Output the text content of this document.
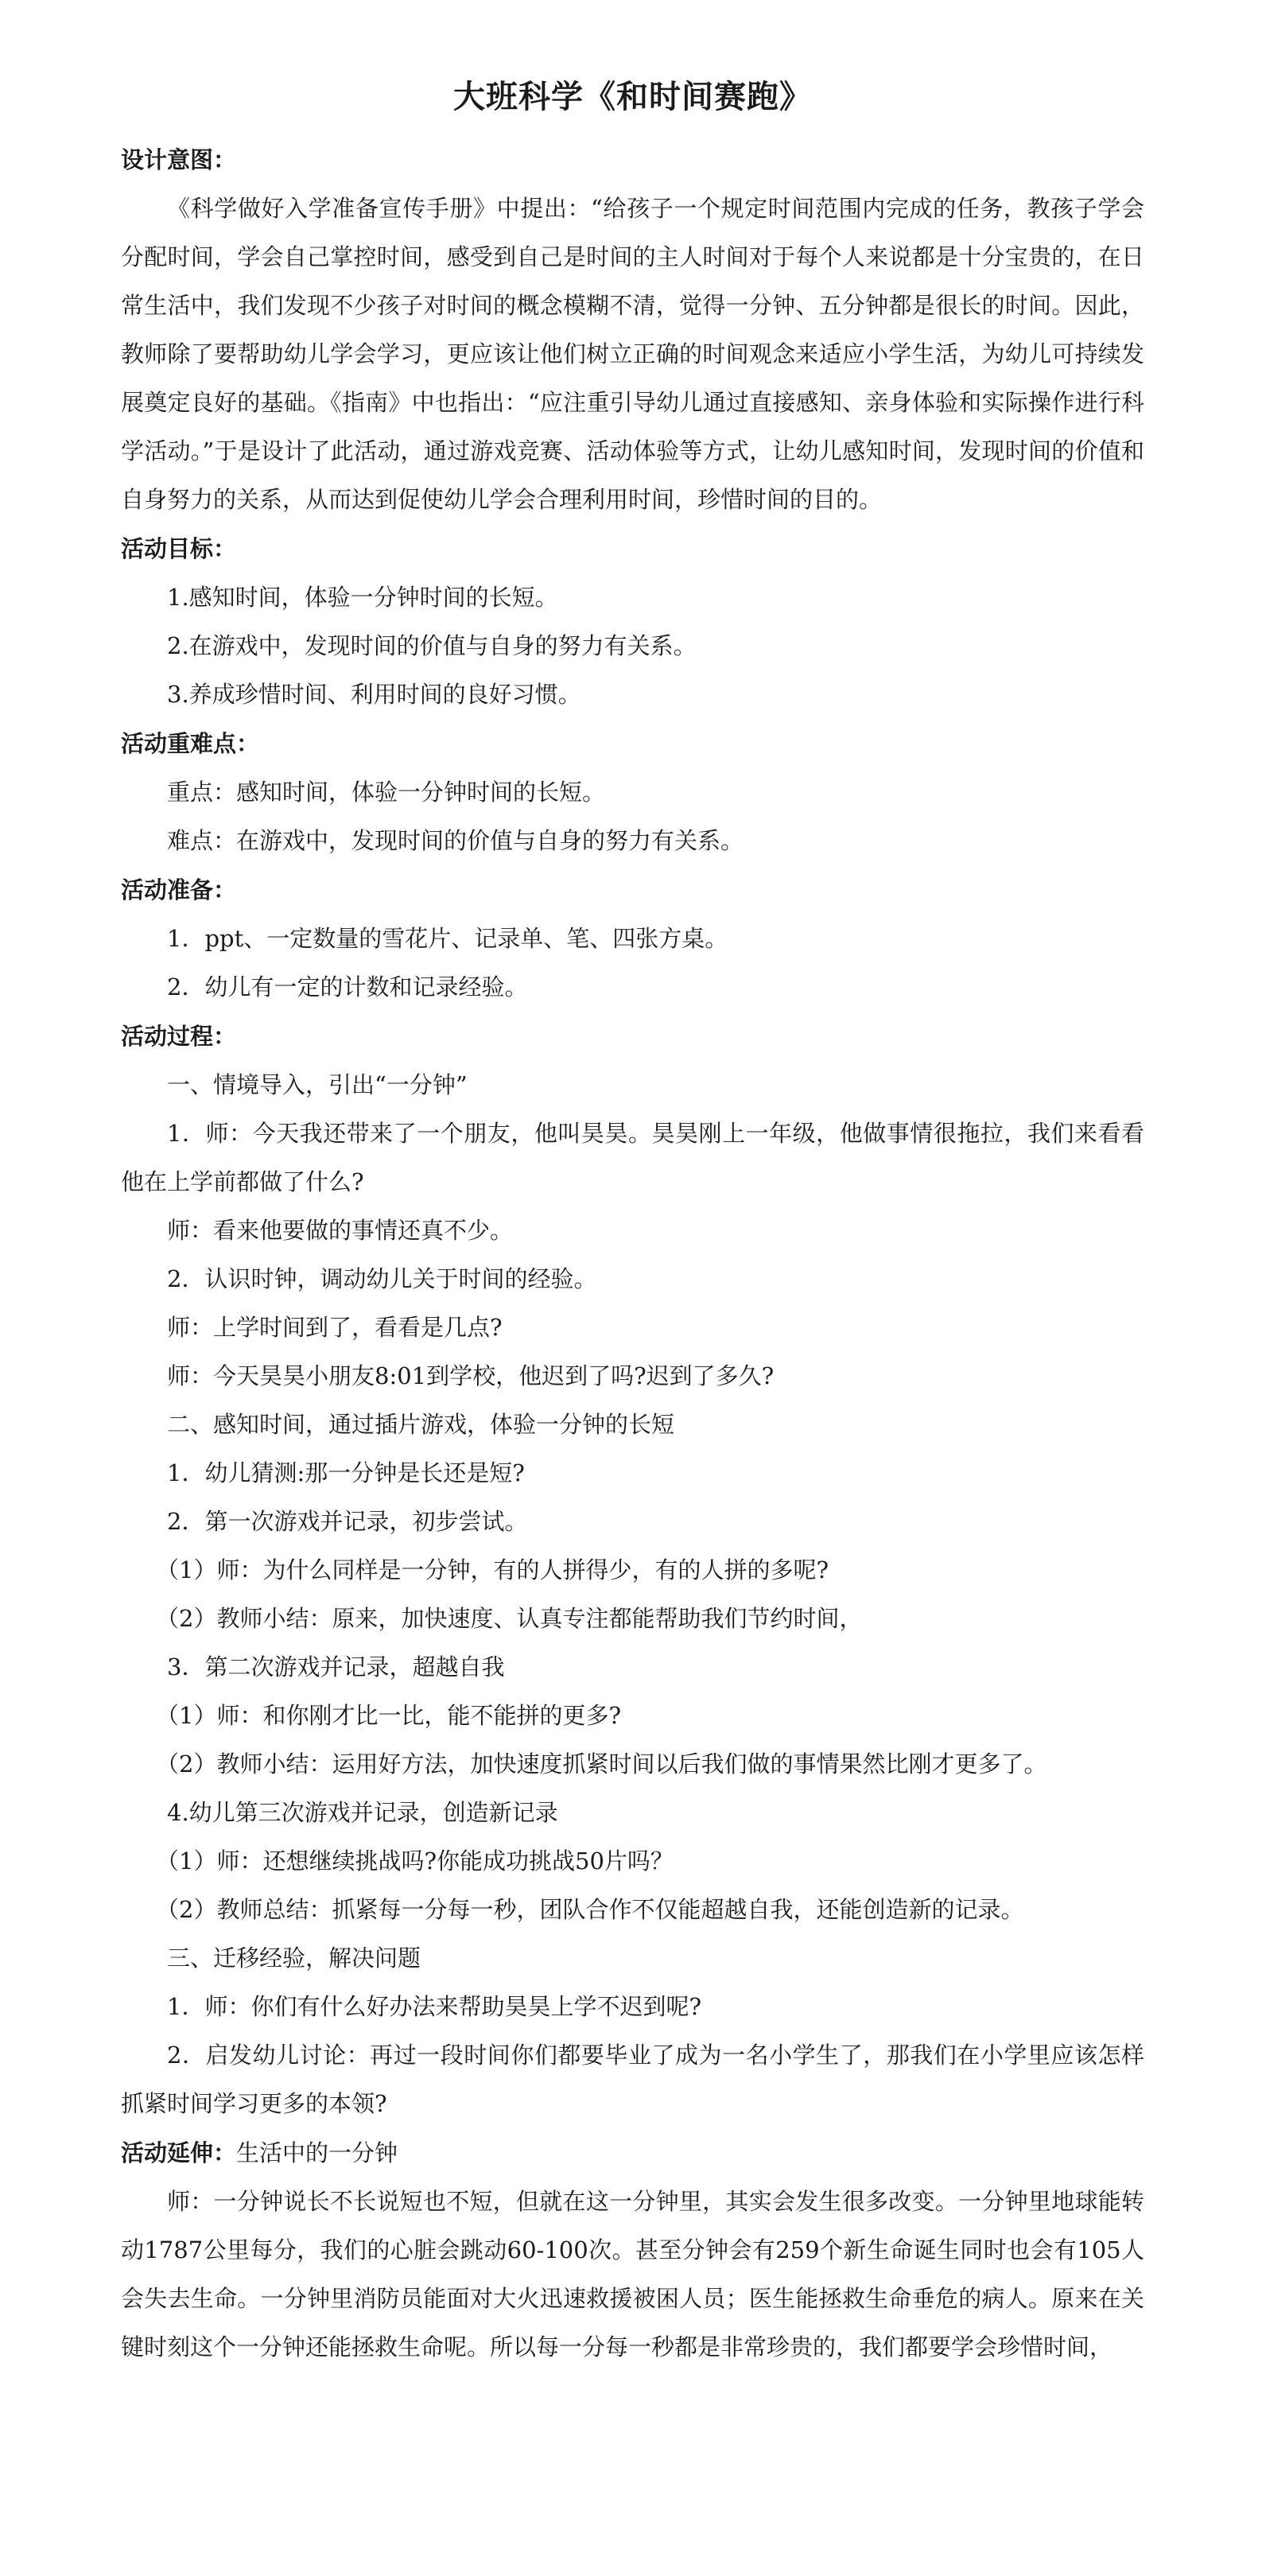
大班科学《和时间赛跑》

设计意图：

《科学做好入学准备宣传手册》中提出：“给孩子一个规定时间范围内完成的任务，教孩子学会分配时间，学会自己掌控时间，感受到自己是时间的主人时间对于每个人来说都是十分宝贵的，在日常生活中，我们发现不少孩子对时间的概念模糊不清，觉得一分钟、五分钟都是很长的时间。因此，教师除了要帮助幼儿学会学习，更应该让他们树立正确的时间观念来适应小学生活，为幼儿可持续发展奠定良好的基础。《指南》中也指出：“应注重引导幼儿通过直接感知、亲身体验和实际操作进行科学活动。”于是设计了此活动，通过游戏竞赛、活动体验等方式，让幼儿感知时间，发现时间的价值和自身努力的关系，从而达到促使幼儿学会合理利用时间，珍惜时间的目的。

活动目标：

1.感知时间，体验一分钟时间的长短。

2.在游戏中，发现时间的价值与自身的努力有关系。

3.养成珍惜时间、利用时间的良好习惯。

活动重难点：

重点：感知时间，体验一分钟时间的长短。

难点：在游戏中，发现时间的价值与自身的努力有关系。

活动准备：

1．ppt、一定数量的雪花片、记录单、笔、四张方桌。

2．幼儿有一定的计数和记录经验。

活动过程：

一、情境导入，引出“一分钟”

1．师：今天我还带来了一个朋友，他叫昊昊。昊昊刚上一年级，他做事情很拖拉，我们来看看他在上学前都做了什么?

师：看来他要做的事情还真不少。

2．认识时钟，调动幼儿关于时间的经验。

师：上学时间到了，看看是几点?

师：今天昊昊小朋友8:01到学校，他迟到了吗?迟到了多久?

二、感知时间，通过插片游戏，体验一分钟的长短

1．幼儿猜测:那一分钟是长还是短?

2．第一次游戏并记录，初步尝试。

（1）师：为什么同样是一分钟，有的人拼得少，有的人拼的多呢?

（2）教师小结：原来，加快速度、认真专注都能帮助我们节约时间，

3．第二次游戏并记录，超越自我

（1）师：和你刚才比一比，能不能拼的更多?

（2）教师小结：运用好方法，加快速度抓紧时间以后我们做的事情果然比刚才更多了。

4.幼儿第三次游戏并记录，创造新记录

（1）师：还想继续挑战吗?你能成功挑战50片吗？

（2）教师总结：抓紧每一分每一秒，团队合作不仅能超越自我，还能创造新的记录。

三、迁移经验，解决问题

1．师：你们有什么好办法来帮助昊昊上学不迟到呢?

2．启发幼儿讨论：再过一段时间你们都要毕业了成为一名小学生了，那我们在小学里应该怎样抓紧时间学习更多的本领?

活动延伸：生活中的一分钟

师：一分钟说长不长说短也不短，但就在这一分钟里，其实会发生很多改变。一分钟里地球能转动1787公里每分，我们的心脏会跳动60-100次。甚至分钟会有259个新生命诞生同时也会有105人会失去生命。一分钟里消防员能面对大火迅速救援被困人员；医生能拯救生命垂危的病人。原来在关键时刻这个一分钟还能拯救生命呢。所以每一分每一秒都是非常珍贵的，我们都要学会珍惜时间，
